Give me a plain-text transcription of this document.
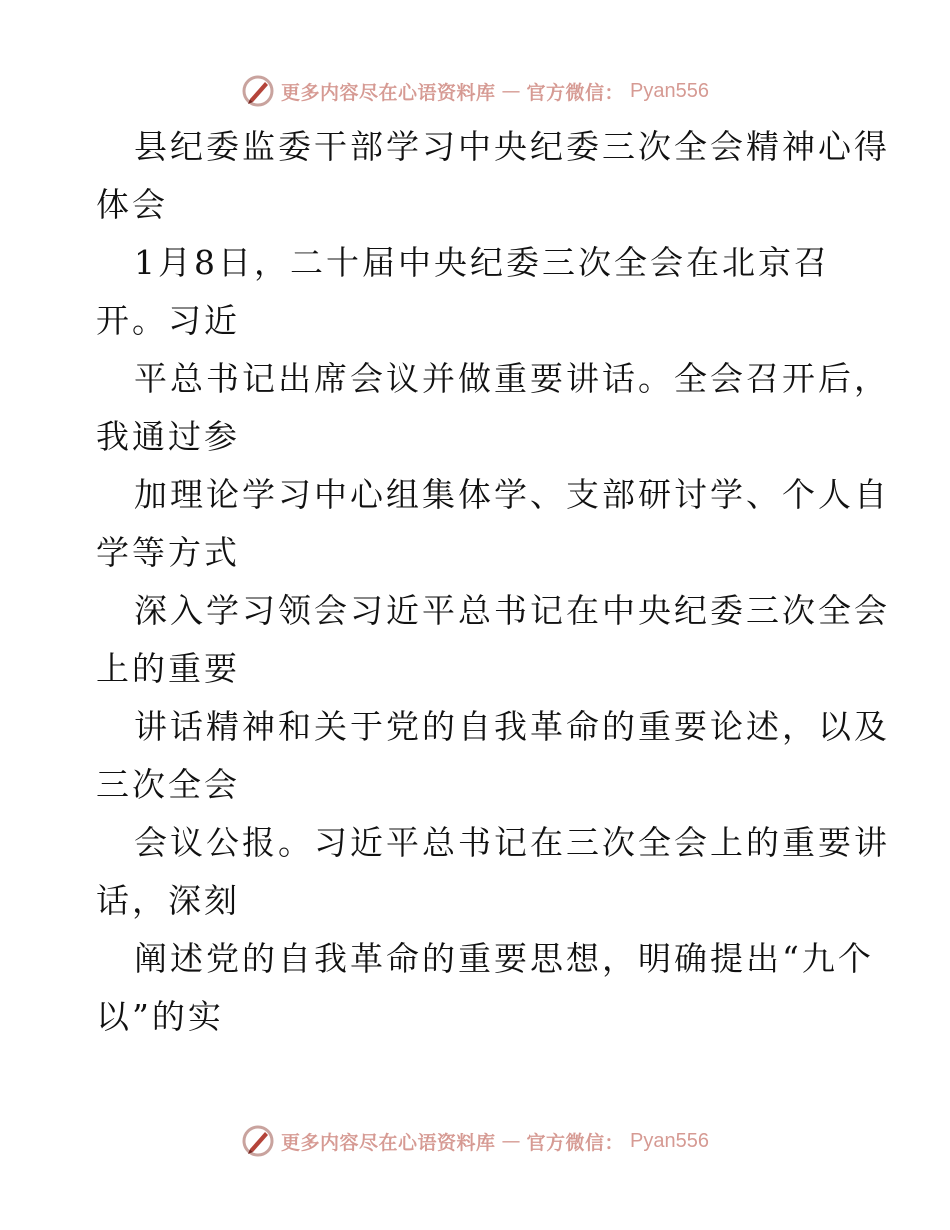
更多内容尽在心语资料库 — 官方微信： Pyan556
县纪委监委干部学习中央纪委三次全会精神心得
体会
1月8日，二十届中央纪委三次全会在北京召
开。习近
平总书记出席会议并做重要讲话。全会召开后，
我通过参
加理论学习中心组集体学、支部研讨学、个人自
学等方式
深入学习领会习近平总书记在中央纪委三次全会
上的重要
讲话精神和关于党的自我革命的重要论述，以及
三次全会
会议公报。习近平总书记在三次全会上的重要讲
话，深刻
阐述党的自我革命的重要思想，明确提出“九个
以”的实
更多内容尽在心语资料库 — 官方微信： Pyan556
